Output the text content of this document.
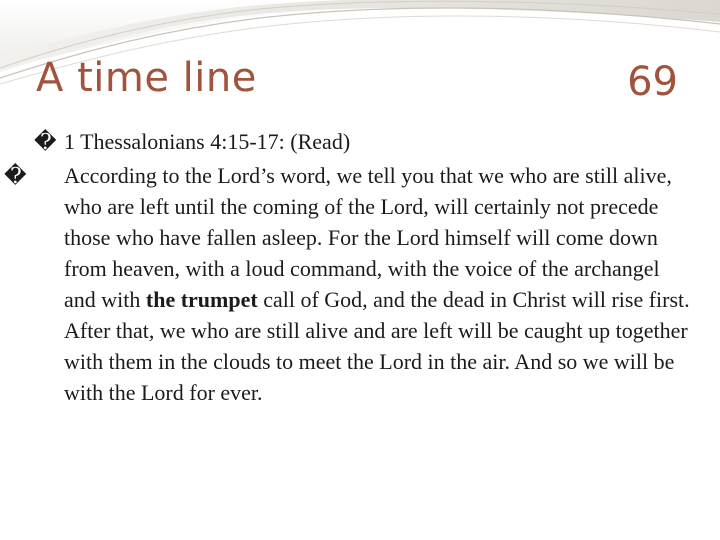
A time line	69

� 1 Thessalonians 4:15-17: (Read)

� According to the Lord’s word, we tell you that we who are still alive, who are left until the coming of the Lord, will certainly not precede those who have fallen asleep. For the Lord himself will come down from heaven, with a loud command, with the voice of the archangel and with the trumpet call of God, and the dead in Christ will rise first. After that, we who are still alive and are left will be caught up together with them in the clouds to meet the Lord in the air. And so we will be with the Lord for ever.
